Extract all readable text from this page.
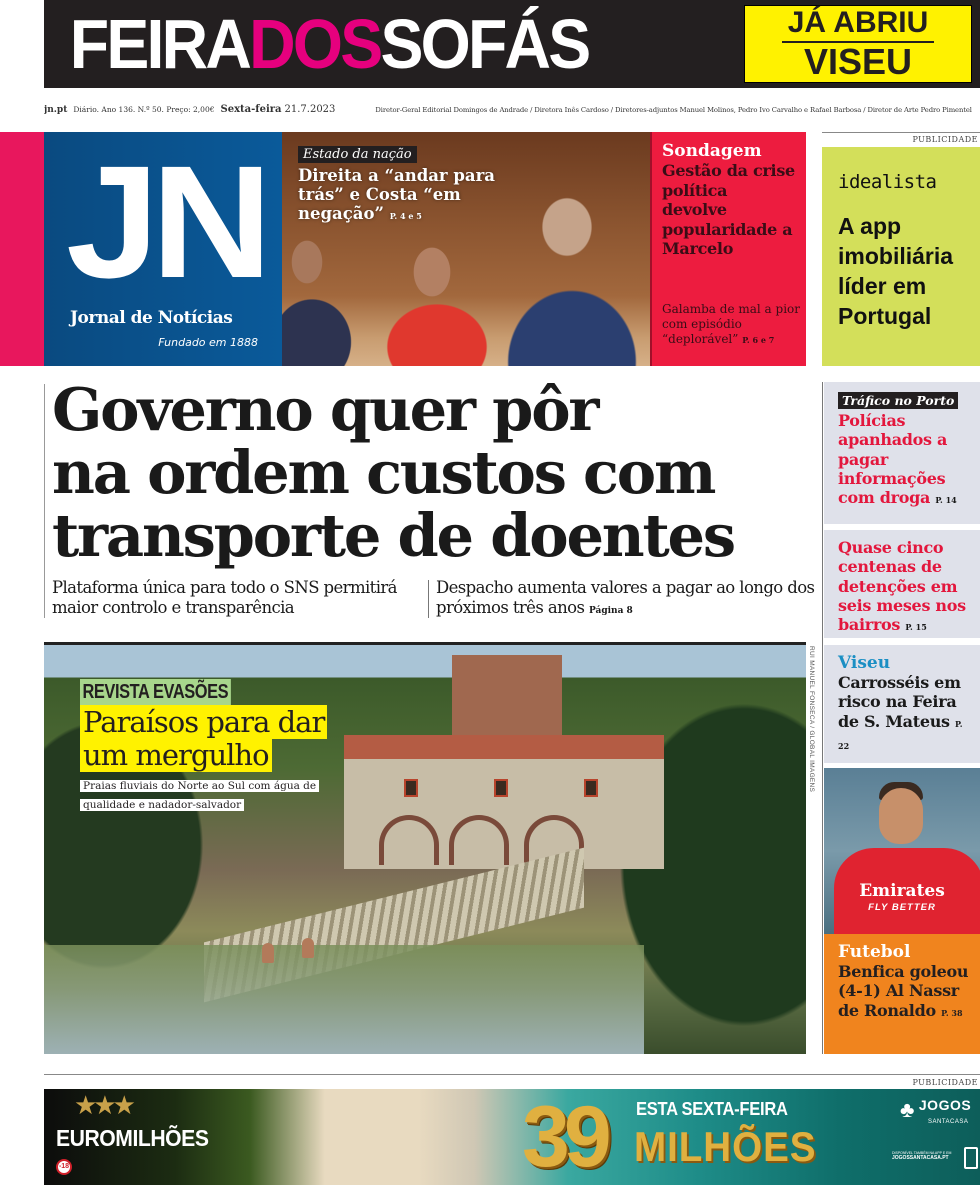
FEIRADOSSOFÁS	JÁ ABRIU
VISEU
jn.pt Diário. Ano 136. N.º 50. Preço: 2,00€ Sexta-feira 21.7.2023	Diretor-Geral Editorial Domingos de Andrade / Diretora Inês Cardoso / Diretores-adjuntos Manuel Molinos, Pedro Ivo Carvalho e Rafael Barbosa / Diretor de Arte Pedro Pimentel
JN
Jornal de Notícias
Fundado em 1888
Estado da nação
Direita a “andar para trás” e Costa “em negação” P. 4 e 5
Sondagem
Gestão da crise política devolve popularidade a Marcelo
Galamba de mal a pior com episódio “deplorável” P. 6 e 7
PUBLICIDADE
idealista
A app imobiliária líder em Portugal
Governo quer pôr
na ordem custos com
transporte de doentes
Plataforma única para todo o SNS permitirá maior controlo e transparência
Despacho aumenta valores a pagar ao longo dos próximos três anos Página 8
REVISTA EVASÕES
Paraísos para dar um mergulho
Praias fluviais do Norte ao Sul com água de qualidade e nadador-salvador
RUI MANUEL FONSECA / GLOBAL IMAGENS
Tráfico no Porto
Polícias apanhados a pagar informações com droga P. 14
Quase cinco centenas de detenções em seis meses nos bairros P. 15
Viseu
Carrosséis em risco na Feira de S. Mateus P. 22
Emirates
FLY BETTER
Futebol
Benfica goleou (4-1) Al Nassr de Ronaldo P. 38
PUBLICIDADE
★★★
EUROMILHÕES
-18	39 ESTA SEXTA-FEIRA
MILHÕES
♣ JOGOS
SANTACASA
DISPONÍVEL TAMBÉM NA APP E EM
JOGOSSANTACASA.PT
